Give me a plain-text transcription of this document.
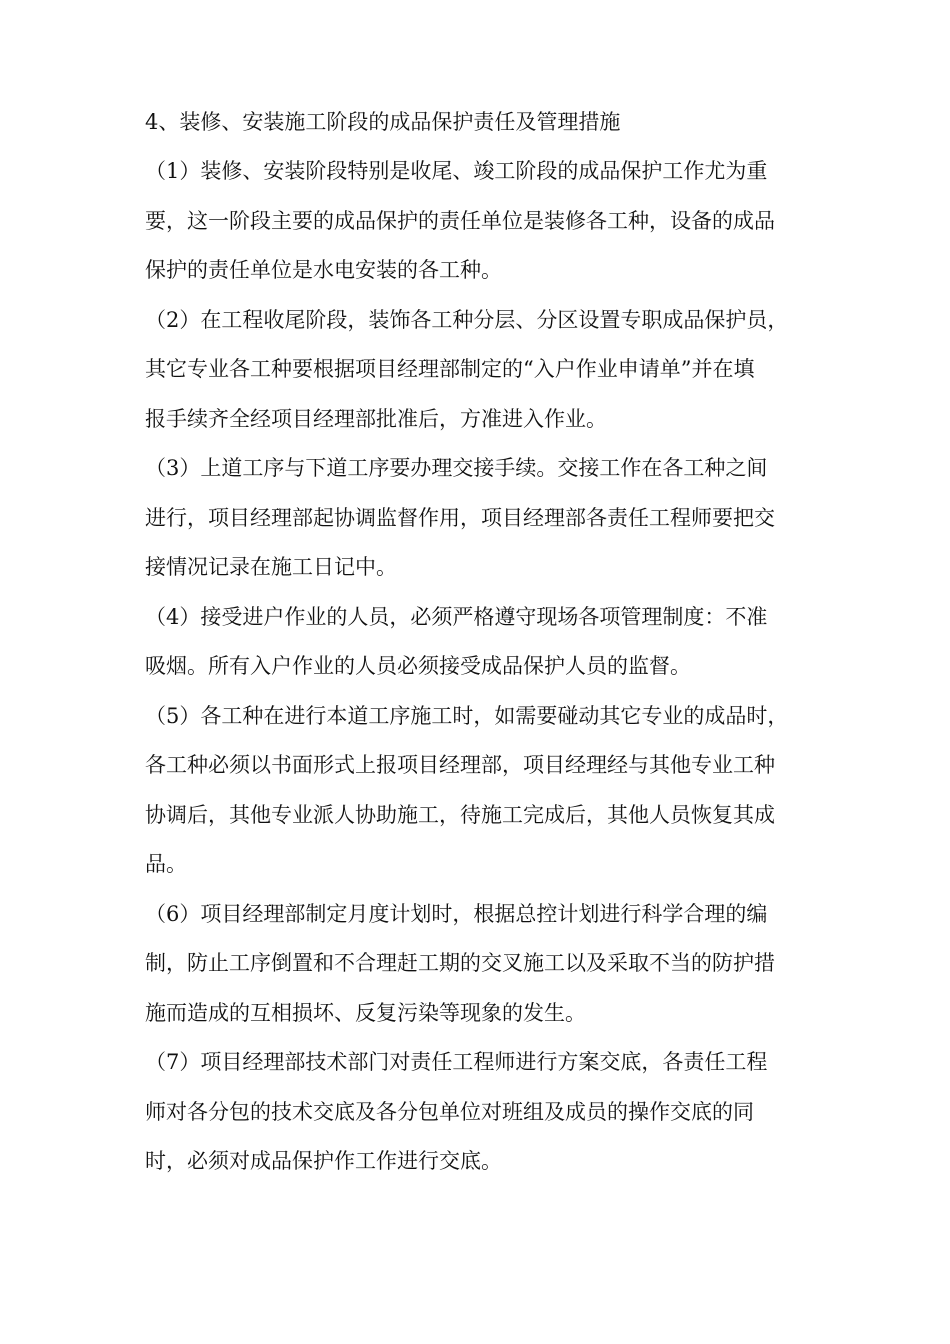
4、装修、安装施工阶段的成品保护责任及管理措施

（1）装修、安装阶段特别是收尾、竣工阶段的成品保护工作尤为重
要，这一阶段主要的成品保护的责任单位是装修各工种，设备的成品
保护的责任单位是水电安装的各工种。

（2）在工程收尾阶段，装饰各工种分层、分区设置专职成品保护员，
其它专业各工种要根据项目经理部制定的“入户作业申请单”并在填
报手续齐全经项目经理部批准后，方准进入作业。

（3）上道工序与下道工序要办理交接手续。交接工作在各工种之间
进行，项目经理部起协调监督作用，项目经理部各责任工程师要把交
接情况记录在施工日记中。

（4）接受进户作业的人员，必须严格遵守现场各项管理制度：不准
吸烟。所有入户作业的人员必须接受成品保护人员的监督。

（5）各工种在进行本道工序施工时，如需要碰动其它专业的成品时，
各工种必须以书面形式上报项目经理部，项目经理经与其他专业工种
协调后，其他专业派人协助施工，待施工完成后，其他人员恢复其成
品。

（6）项目经理部制定月度计划时，根据总控计划进行科学合理的编
制，防止工序倒置和不合理赶工期的交叉施工以及采取不当的防护措
施而造成的互相损坏、反复污染等现象的发生。

（7）项目经理部技术部门对责任工程师进行方案交底，各责任工程
师对各分包的技术交底及各分包单位对班组及成员的操作交底的同
时，必须对成品保护作工作进行交底。
